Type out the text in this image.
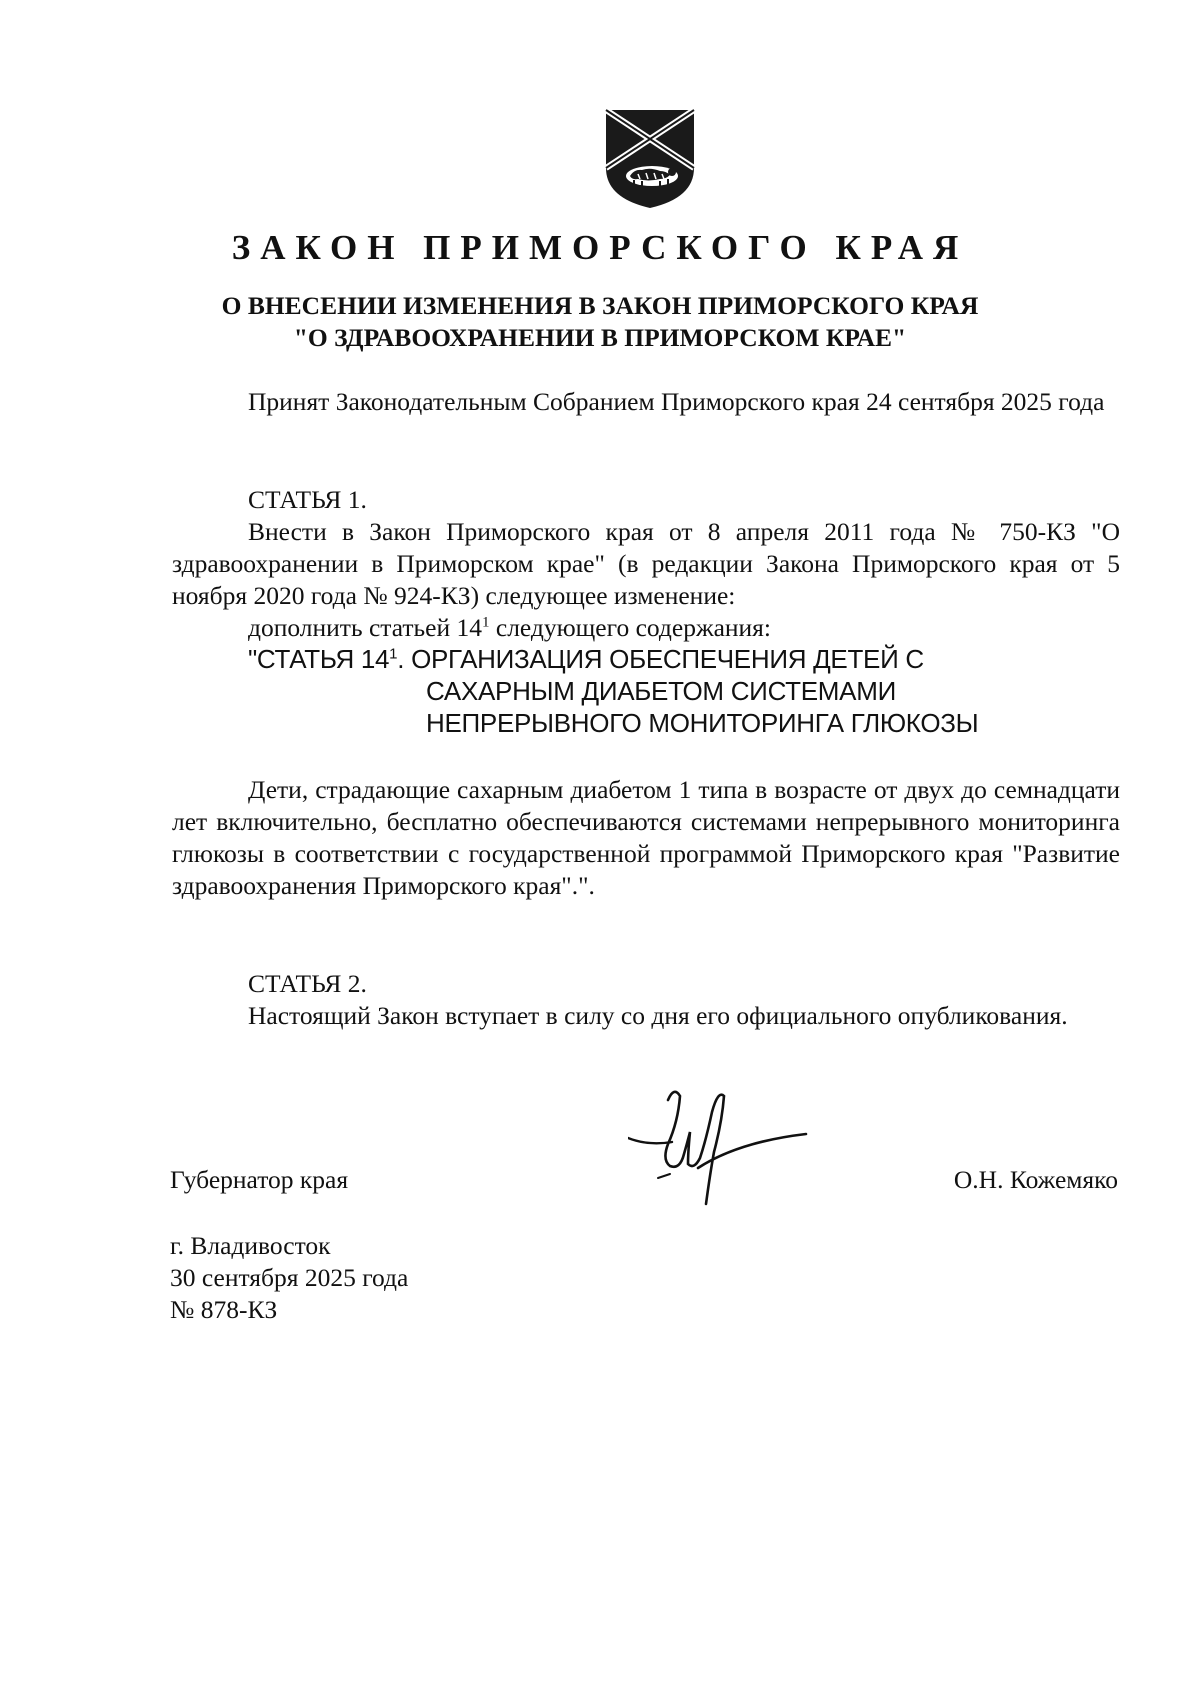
ЗАКОН ПРИМОРСКОГО КРАЯ
О ВНЕСЕНИИ ИЗМЕНЕНИЯ В ЗАКОН ПРИМОРСКОГО КРАЯ
"О ЗДРАВООХРАНЕНИИ В ПРИМОРСКОМ КРАЕ"
Принят Законодательным Собранием Приморского края 24 сентября 2025 года
СТАТЬЯ 1.
Внести в Закон Приморского края от 8 апреля 2011 года № 750-КЗ "О здравоохранении в Приморском крае" (в редакции Закона Приморского края от 5 ноября 2020 года № 924-КЗ) следующее изменение:
дополнить статьей $14^1$ следующего содержания:
"СТАТЬЯ $14^1$. ОРГАНИЗАЦИЯ ОБЕСПЕЧЕНИЯ ДЕТЕЙ С
САХАРНЫМ ДИАБЕТОМ СИСТЕМАМИ
НЕПРЕРЫВНОГО МОНИТОРИНГА ГЛЮКОЗЫ
Дети, страдающие сахарным диабетом 1 типа в возрасте от двух до семнадцати лет включительно, бесплатно обеспечиваются системами непрерывного мониторинга глюкозы в соответствии с государственной программой Приморского края "Развитие здравоохранения Приморского края".".
СТАТЬЯ 2.
Настоящий Закон вступает в силу со дня его официального опубликования.
Губернатор края	О.Н. Кожемяко
г. Владивосток
30 сентября 2025 года
№ 878-КЗ
